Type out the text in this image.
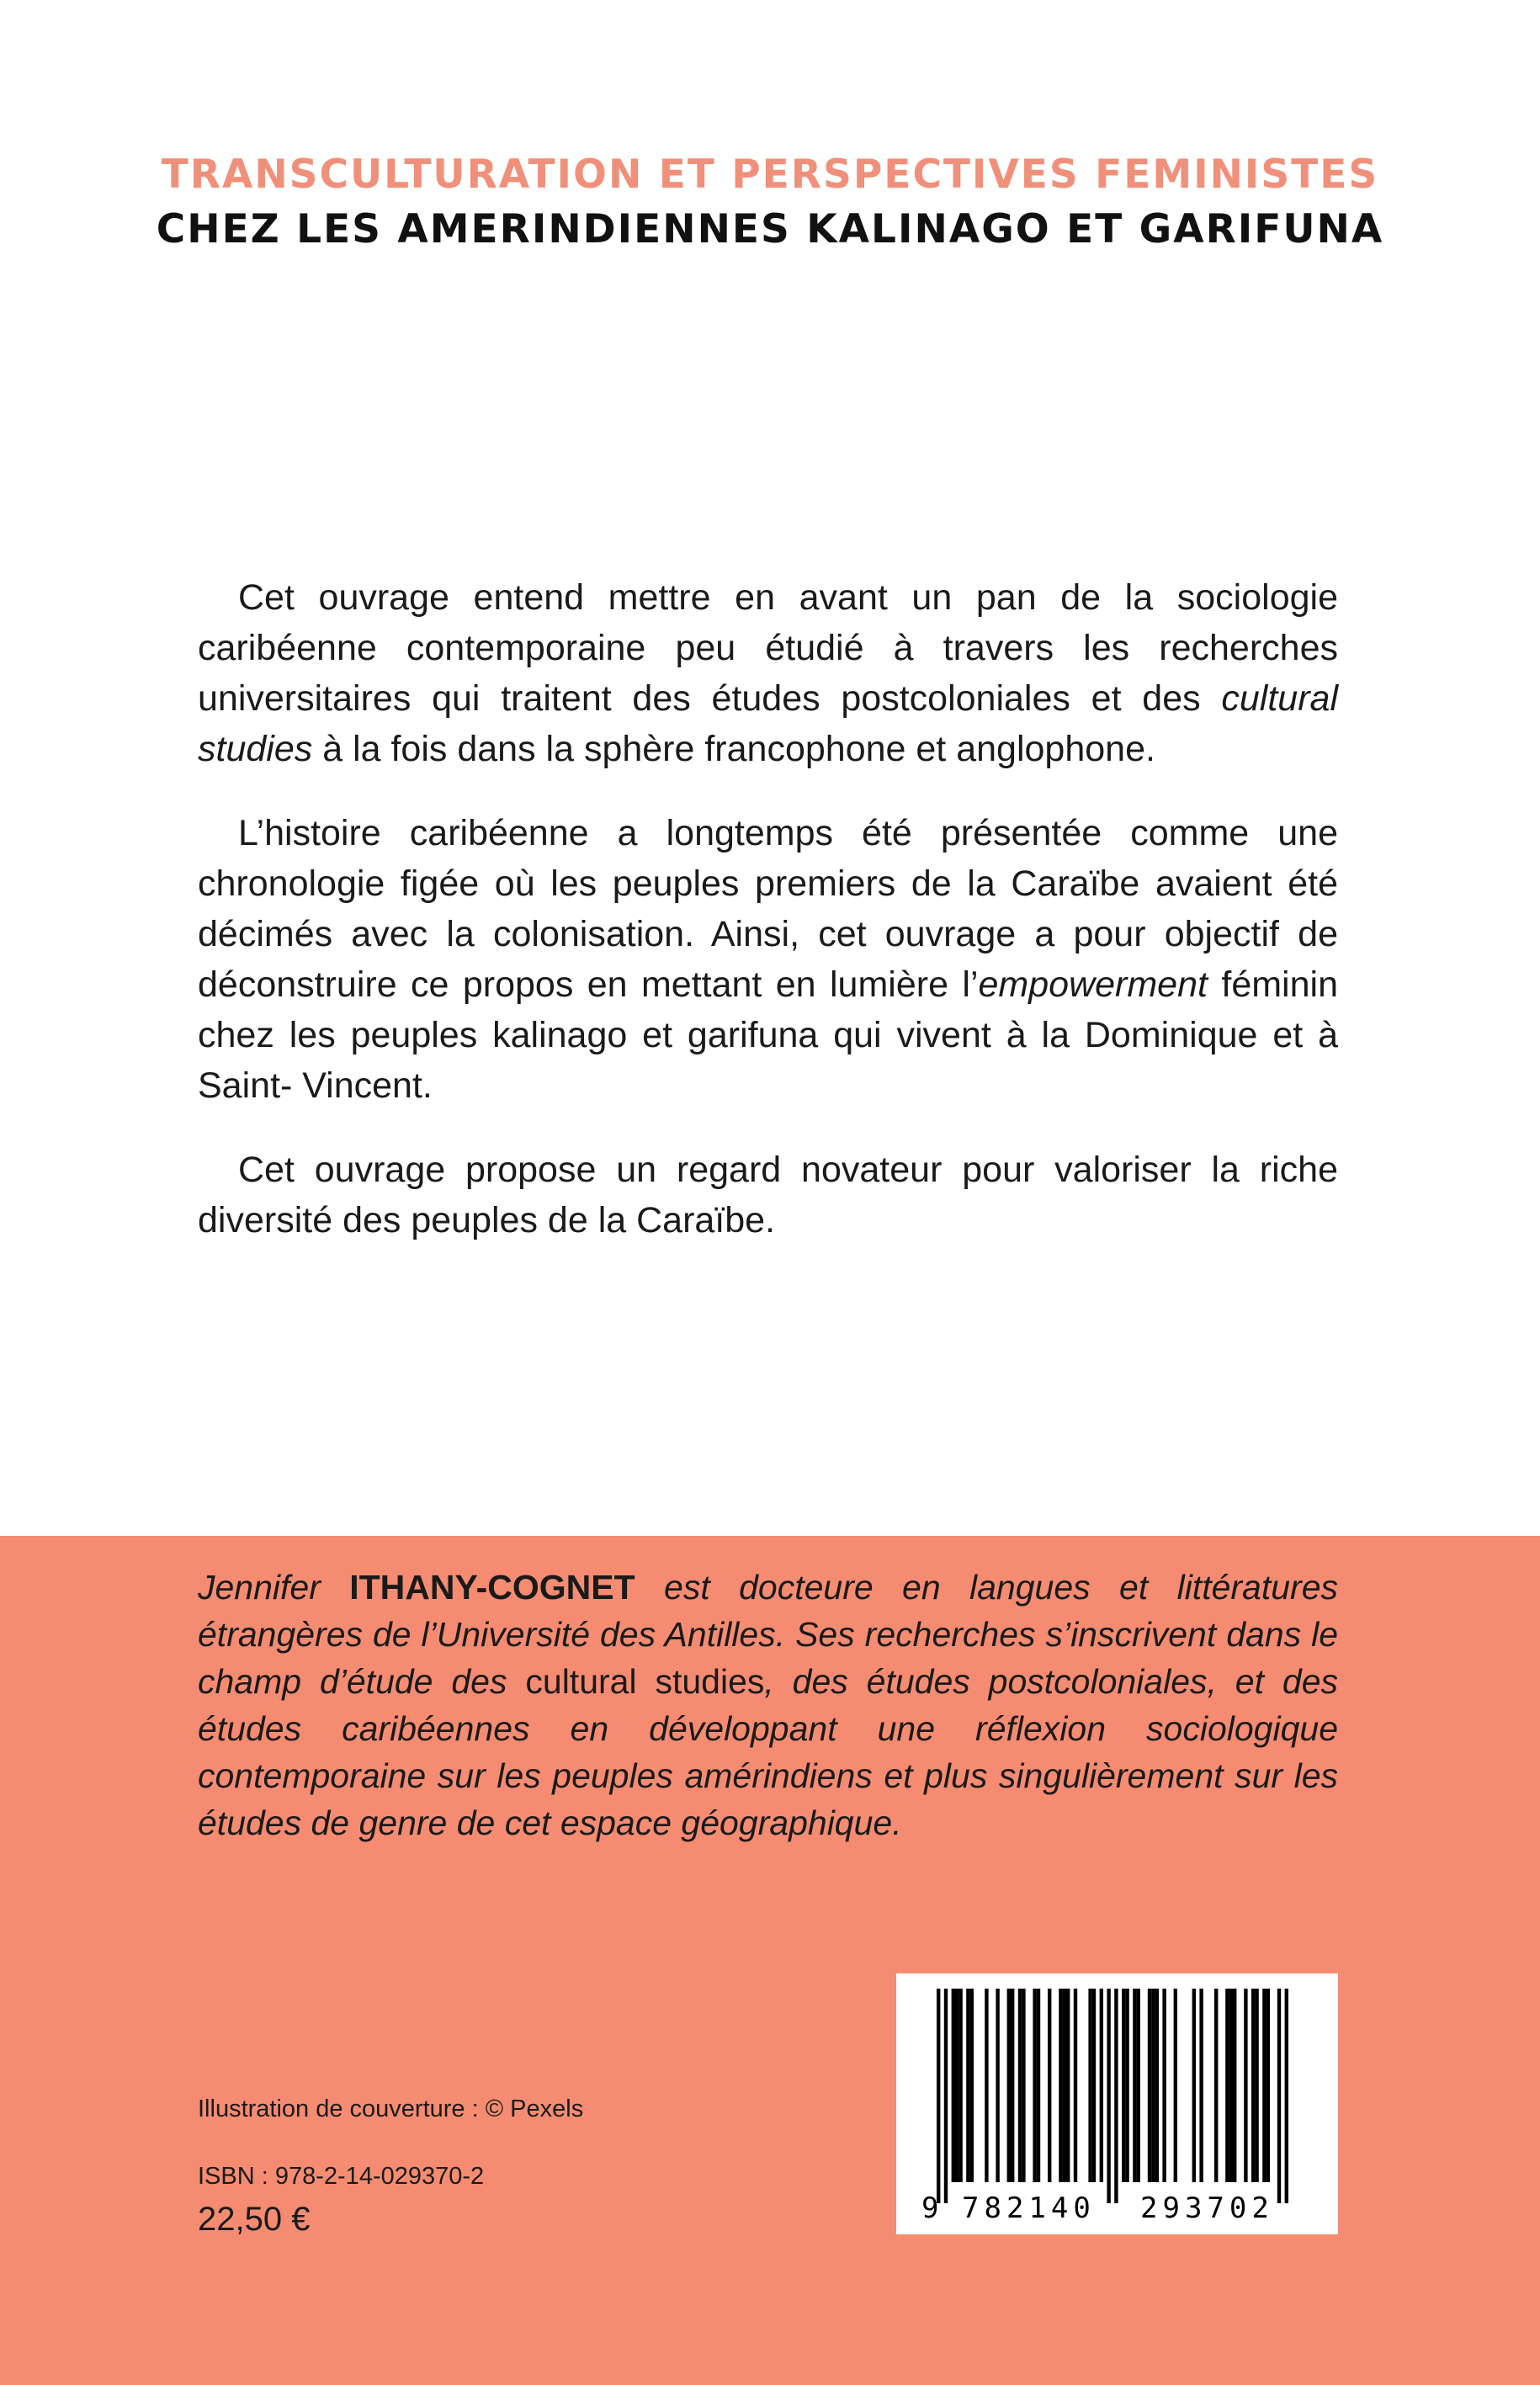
TRANSCULTURATION ET PERSPECTIVES FEMINISTES
CHEZ LES AMERINDIENNES KALINAGO ET GARIFUNA

Cet ouvrage entend mettre en avant un pan de la sociologie caribéenne contemporaine peu étudié à travers les recherches universitaires qui traitent des études postcoloniales et des cultural studies à la fois dans la sphère francophone et anglophone.

L’histoire caribéenne a longtemps été présentée comme une chronologie figée où les peuples premiers de la Caraïbe avaient été décimés avec la colonisation. Ainsi, cet ouvrage a pour objectif de déconstruire ce propos en mettant en lumière l’empowerment féminin chez les peuples kalinago et garifuna qui vivent à la Dominique et à Saint- Vincent.

Cet ouvrage propose un regard novateur pour valoriser la riche diversité des peuples de la Caraïbe.

Jennifer ITHANY-COGNET est docteure en langues et littératures étrangères de l’Université des Antilles. Ses recherches s’inscrivent dans le champ d’étude des cultural studies, des études postcoloniales, et des études caribéennes en développant une réflexion sociologique contemporaine sur les peuples amérindiens et plus singulièrement sur les études de genre de cet espace géographique.
Illustration de couverture : © Pexels
ISBN : 978-2-14-029370-2
22,50 €	9 782140 293702
